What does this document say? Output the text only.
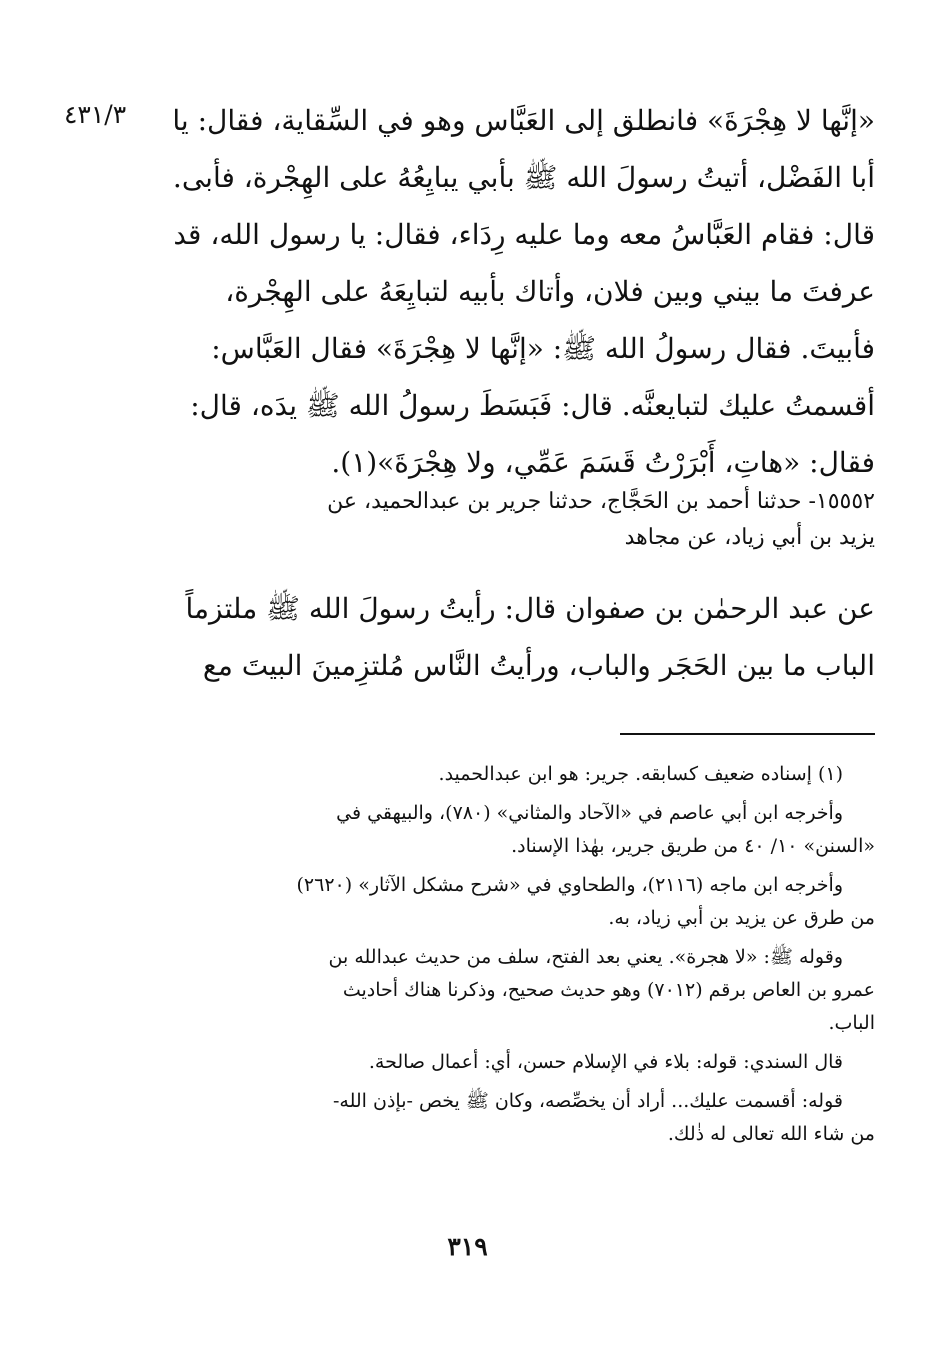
٤٣١/٣	«إنَّها لا هِجْرَةَ» فانطلق إلى العَبَّاس وهو في السِّقاية، فقال: يا
أبا الفَضْل، أتيتُ رسولَ الله ﷺ بأبي يبايِعُهُ على الهِجْرة، فأبى.
قال: فقام العَبَّاسُ معه وما عليه رِدَاء، فقال: يا رسول الله، قد
عرفتَ ما بيني وبين فلان، وأتاك بأبيه لتبايِعَهُ على الهِجْرة،
فأبيتَ. فقال رسولُ الله ﷺ: «إنَّها لا هِجْرَةَ» فقال العَبَّاس:
أقسمتُ عليك لتبايعنَّه. قال: فَبَسَطَ رسولُ الله ﷺ يدَه، قال:
فقال: «هاتِ، أَبْرَرْتُ قَسَمَ عَمِّي، ولا هِجْرَةَ»(١).
١٥٥٥٢- حدثنا أحمد بن الحَجَّاج، حدثنا جرير بن عبدالحميد، عن
يزيد بن أبي زياد، عن مجاهد
عن عبد الرحمٰن بن صفوان قال: رأيتُ رسولَ الله ﷺ ملتزماً
الباب ما بين الحَجَر والباب، ورأيتُ النَّاس مُلتزِمينَ البيتَ مع
(١) إسناده ضعيف كسابقه. جرير: هو ابن عبدالحميد.
وأخرجه ابن أبي عاصم في «الآحاد والمثاني» (٧٨٠)، والبيهقي في
«السنن» ١٠/ ٤٠ من طريق جرير، بهٰذا الإسناد.
وأخرجه ابن ماجه (٢١١٦)، والطحاوي في «شرح مشكل الآثار» (٢٦٢٠)
من طرق عن يزيد بن أبي زياد، به.
وقوله ﷺ: «لا هجرة». يعني بعد الفتح، سلف من حديث عبدالله بن
عمرو بن العاص برقم (٧٠١٢) وهو حديث صحيح، وذكرنا هناك أحاديث
الباب.
قال السندي: قوله: بلاء في الإسلام حسن، أي: أعمال صالحة.
قوله: أقسمت عليك... أراد أن يخصِّصه، وكان ﷺ يخص -بإذن الله-
من شاء الله تعالى له ذٰلك.
٣١٩
